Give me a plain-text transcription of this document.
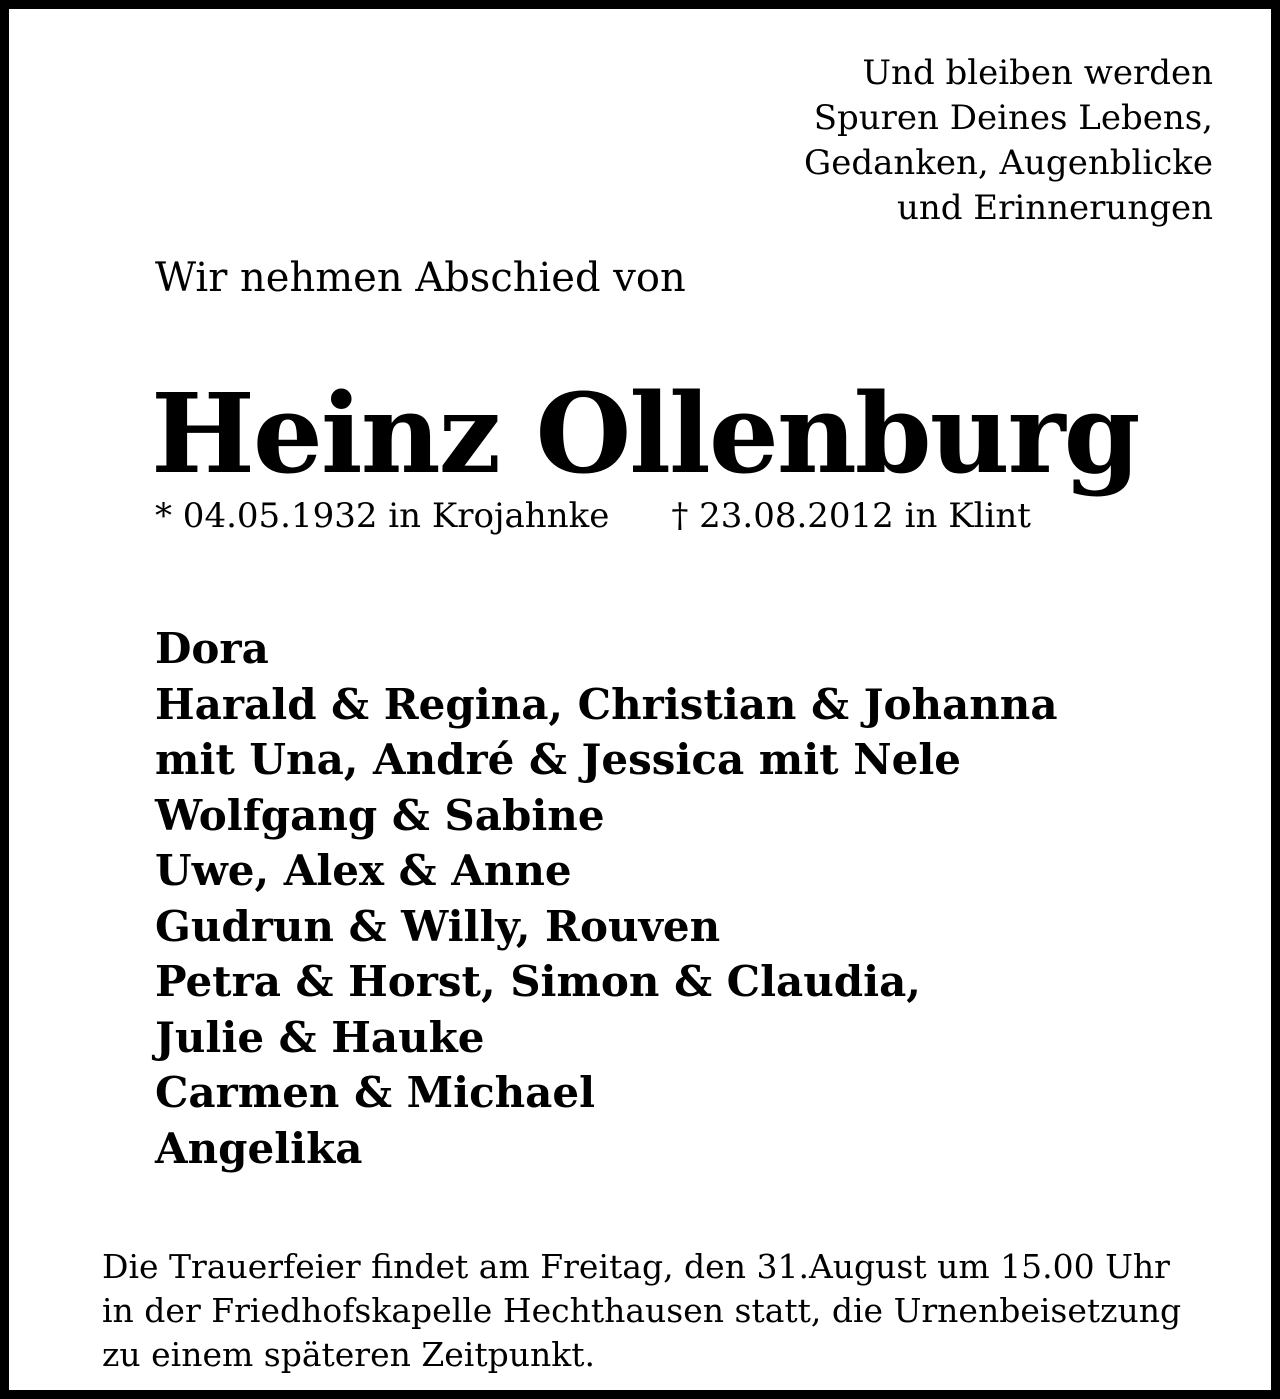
Und bleiben werden
Spuren Deines Lebens,
Gedanken, Augenblicke
und Erinnerungen

Wir nehmen Abschied von

Heinz Ollenburg

* 04.05.1932 in Krojahnke † 23.08.2012 in Klint

Dora
Harald & Regina, Christian & Johanna
mit Una, André & Jessica mit Nele
Wolfgang & Sabine
Uwe, Alex & Anne
Gudrun & Willy, Rouven
Petra & Horst, Simon & Claudia,
Julie & Hauke
Carmen & Michael
Angelika

Die Trauerfeier findet am Freitag, den 31.August um 15.00 Uhr
in der Friedhofskapelle Hechthausen statt, die Urnenbeisetzung
zu einem späteren Zeitpunkt.
